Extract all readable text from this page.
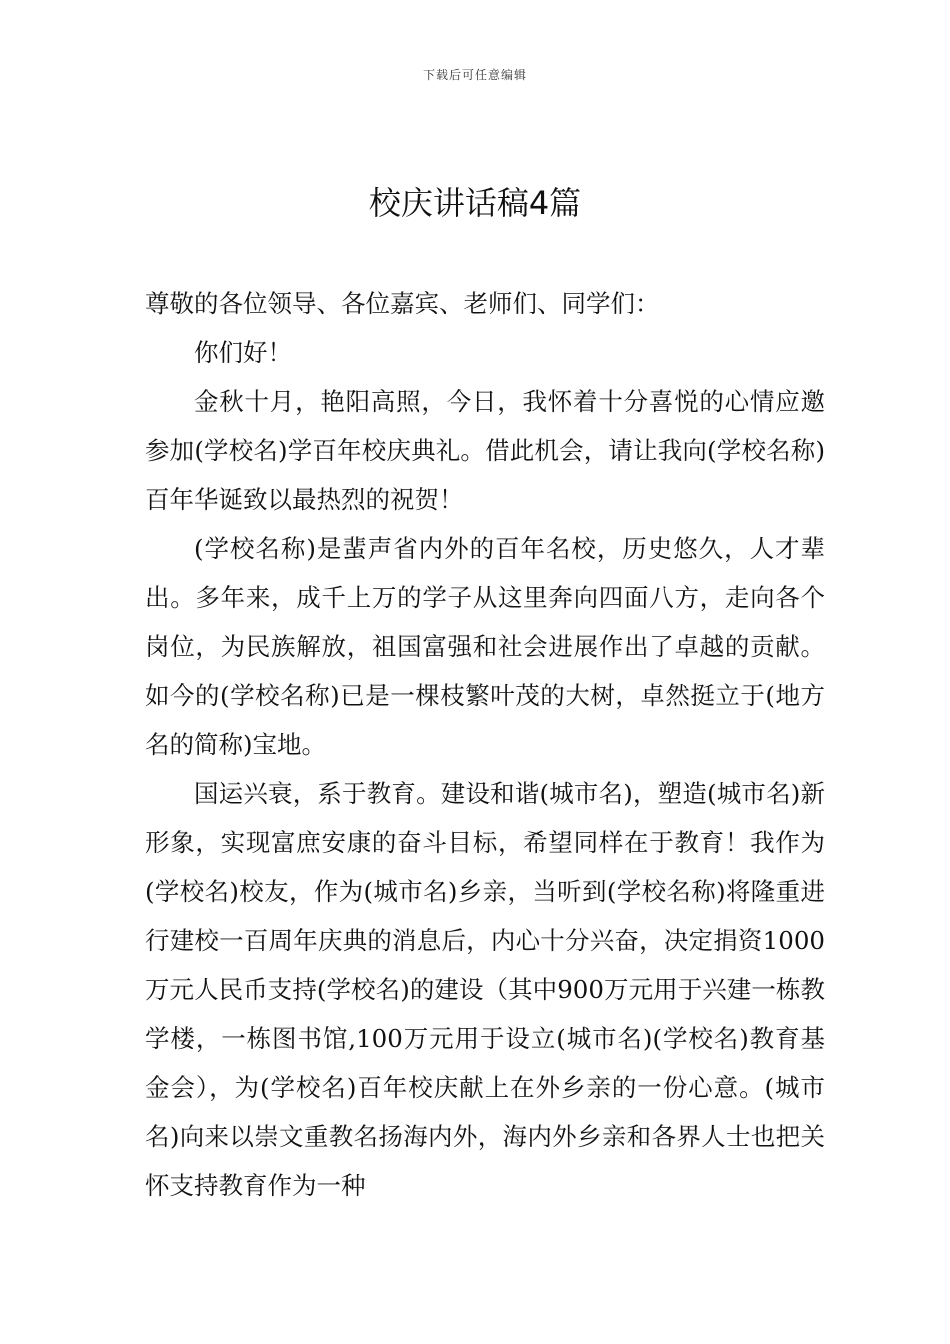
下载后可任意编辑
校庆讲话稿4篇

尊敬的各位领导、各位嘉宾、老师们、同学们：

你们好！

金秋十月，艳阳高照，今日，我怀着十分喜悦的心情应邀参加(学校名)学百年校庆典礼。借此机会，请让我向(学校名称)百年华诞致以最热烈的祝贺！

(学校名称)是蜚声省内外的百年名校，历史悠久，人才辈出。多年来，成千上万的学子从这里奔向四面八方，走向各个岗位，为民族解放，祖国富强和社会进展作出了卓越的贡献。如今的(学校名称)已是一棵枝繁叶茂的大树，卓然挺立于(地方名的简称)宝地。

国运兴衰，系于教育。建设和谐(城市名)，塑造(城市名)新形象，实现富庶安康的奋斗目标，希望同样在于教育！我作为(学校名)校友，作为(城市名)乡亲，当听到(学校名称)将隆重进行建校一百周年庆典的消息后，内心十分兴奋，决定捐资1000万元人民币支持(学校名)的建设（其中900万元用于兴建一栋教学楼，一栋图书馆,100万元用于设立(城市名)(学校名)教育基金会），为(学校名)百年校庆献上在外乡亲的一份心意。(城市名)向来以崇文重教名扬海内外，海内外乡亲和各界人士也把关怀支持教育作为一种
